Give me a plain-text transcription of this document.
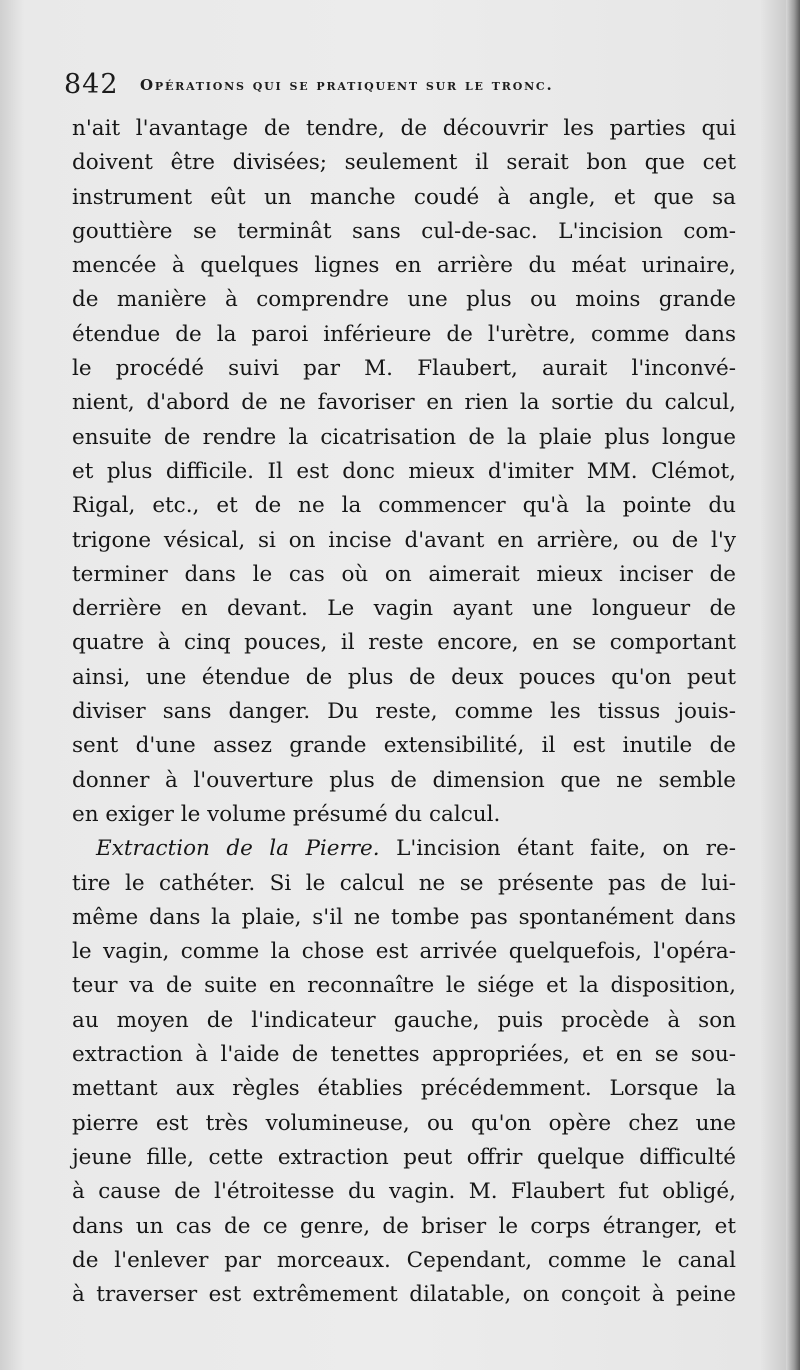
842 Opérations qui se pratiquent sur le tronc.
n'ait l'avantage de tendre, de découvrir les parties qui
doivent être divisées; seulement il serait bon que cet
instrument eût un manche coudé à angle, et que sa
gouttière se terminât sans cul-de-sac. L'incision com-
mencée à quelques lignes en arrière du méat urinaire,
de manière à comprendre une plus ou moins grande
étendue de la paroi inférieure de l'urètre, comme dans
le procédé suivi par M. Flaubert, aurait l'inconvé-
nient, d'abord de ne favoriser en rien la sortie du calcul,
ensuite de rendre la cicatrisation de la plaie plus longue
et plus difficile. Il est donc mieux d'imiter MM. Clémot,
Rigal, etc., et de ne la commencer qu'à la pointe du
trigone vésical, si on incise d'avant en arrière, ou de l'y
terminer dans le cas où on aimerait mieux inciser de
derrière en devant. Le vagin ayant une longueur de
quatre à cinq pouces, il reste encore, en se comportant
ainsi, une étendue de plus de deux pouces qu'on peut
diviser sans danger. Du reste, comme les tissus jouis-
sent d'une assez grande extensibilité, il est inutile de
donner à l'ouverture plus de dimension que ne semble
en exiger le volume présumé du calcul.
Extraction de la Pierre. L'incision étant faite, on re-
tire le cathéter. Si le calcul ne se présente pas de lui-
même dans la plaie, s'il ne tombe pas spontanément dans
le vagin, comme la chose est arrivée quelquefois, l'opéra-
teur va de suite en reconnaître le siége et la disposition,
au moyen de l'indicateur gauche, puis procède à son
extraction à l'aide de tenettes appropriées, et en se sou-
mettant aux règles établies précédemment. Lorsque la
pierre est très volumineuse, ou qu'on opère chez une
jeune fille, cette extraction peut offrir quelque difficulté
à cause de l'étroitesse du vagin. M. Flaubert fut obligé,
dans un cas de ce genre, de briser le corps étranger, et
de l'enlever par morceaux. Cependant, comme le canal
à traverser est extrêmement dilatable, on conçoit à peine
